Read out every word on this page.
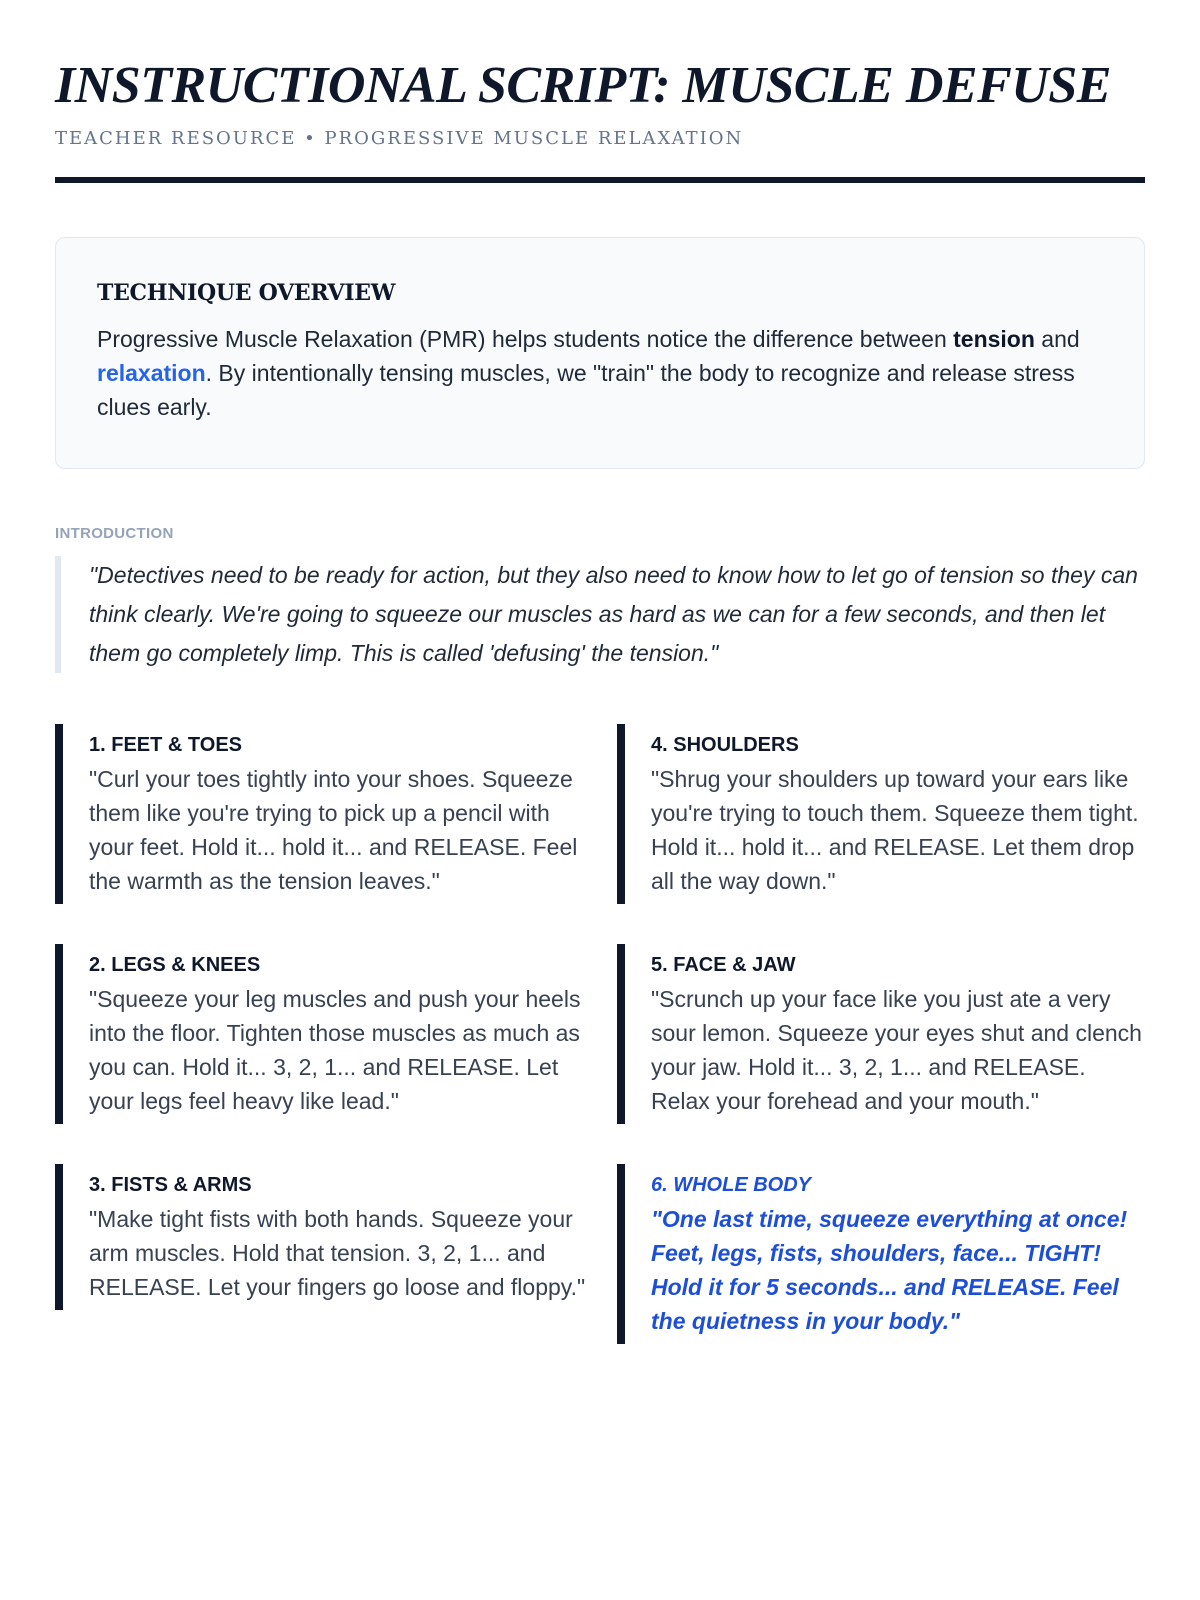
INSTRUCTIONAL SCRIPT: MUSCLE DEFUSE
TEACHER RESOURCE • PROGRESSIVE MUSCLE RELAXATION
TECHNIQUE OVERVIEW

Progressive Muscle Relaxation (PMR) helps students notice the difference between tension and relaxation. By intentionally tensing muscles, we "train" the body to recognize and release stress clues early.

INTRODUCTION
"Detectives need to be ready for action, but they also need to know how to let go of tension so they can think clearly. We're going to squeeze our muscles as hard as we can for a few seconds, and then let them go completely limp. This is called 'defusing' the tension."
1. FEET & TOES

"Curl your toes tightly into your shoes. Squeeze them like you're trying to pick up a pencil with your feet. Hold it... hold it... and RELEASE. Feel the warmth as the tension leaves."

2. LEGS & KNEES

"Squeeze your leg muscles and push your heels into the floor. Tighten those muscles as much as you can. Hold it... 3, 2, 1... and RELEASE. Let your legs feel heavy like lead."

3. FISTS & ARMS

"Make tight fists with both hands. Squeeze your arm muscles. Hold that tension. 3, 2, 1... and RELEASE. Let your fingers go loose and floppy."

4. SHOULDERS

"Shrug your shoulders up toward your ears like you're trying to touch them. Squeeze them tight. Hold it... hold it... and RELEASE. Let them drop all the way down."

5. FACE & JAW

"Scrunch up your face like you just ate a very sour lemon. Squeeze your eyes shut and clench your jaw. Hold it... 3, 2, 1... and RELEASE. Relax your forehead and your mouth."

6. WHOLE BODY

"One last time, squeeze everything at once! Feet, legs, fists, shoulders, face... TIGHT! Hold it for 5 seconds... and RELEASE. Feel the quietness in your body."
